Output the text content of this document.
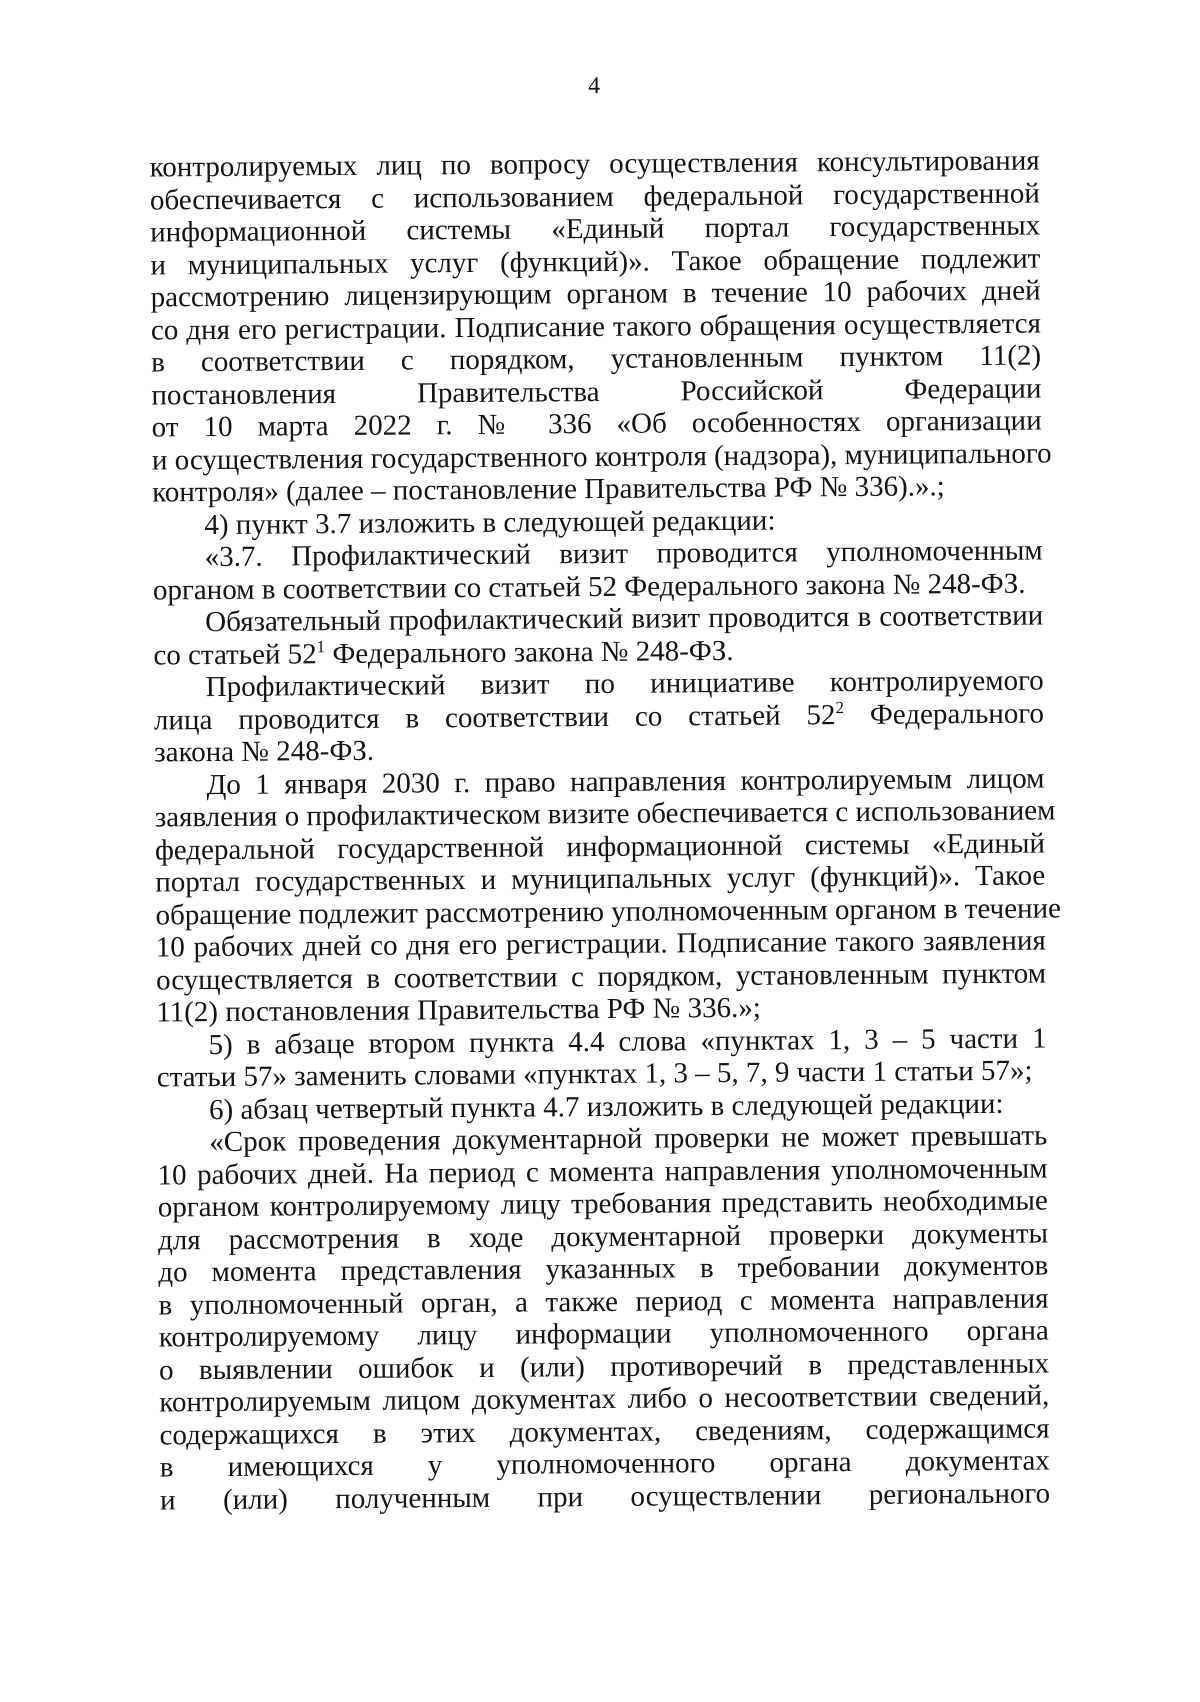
4
контролируемых лиц по вопросу осуществления консультирования
обеспечивается с использованием федеральной государственной
информационной системы «Единый портал государственных
и муниципальных услуг (функций)». Такое обращение подлежит
рассмотрению лицензирующим органом в течение 10 рабочих дней
со дня его регистрации. Подписание такого обращения осуществляется
в соответствии с порядком, установленным пунктом 11(2)
постановления Правительства Российской Федерации
от 10 марта 2022 г. № 336 «Об особенностях организации
и осуществления государственного контроля (надзора), муниципального
контроля» (далее – постановление Правительства РФ № 336).».;
4) пункт 3.7 изложить в следующей редакции:
«3.7. Профилактический визит проводится уполномоченным
органом в соответствии со статьей 52 Федерального закона № 248-ФЗ.
Обязательный профилактический визит проводится в соответствии
со статьей $52^1$ Федерального закона № 248-ФЗ.
Профилактический визит по инициативе контролируемого
лица проводится в соответствии со статьей $52^2$ Федерального
закона № 248-ФЗ.
До 1 января 2030 г. право направления контролируемым лицом
заявления о профилактическом визите обеспечивается с использованием
федеральной государственной информационной системы «Единый
портал государственных и муниципальных услуг (функций)». Такое
обращение подлежит рассмотрению уполномоченным органом в течение
10 рабочих дней со дня его регистрации. Подписание такого заявления
осуществляется в соответствии с порядком, установленным пунктом
11(2) постановления Правительства РФ № 336.»;
5) в абзаце втором пункта 4.4 слова «пунктах 1, 3 – 5 части 1
статьи 57» заменить словами «пунктах 1, 3 – 5, 7, 9 части 1 статьи 57»;
6) абзац четвертый пункта 4.7 изложить в следующей редакции:
«Срок проведения документарной проверки не может превышать
10 рабочих дней. На период с момента направления уполномоченным
органом контролируемому лицу требования представить необходимые
для рассмотрения в ходе документарной проверки документы
до момента представления указанных в требовании документов
в уполномоченный орган, а также период с момента направления
контролируемому лицу информации уполномоченного органа
о выявлении ошибок и (или) противоречий в представленных
контролируемым лицом документах либо о несоответствии сведений,
содержащихся в этих документах, сведениям, содержащимся
в имеющихся у уполномоченного органа документах
и (или) полученным при осуществлении регионального
